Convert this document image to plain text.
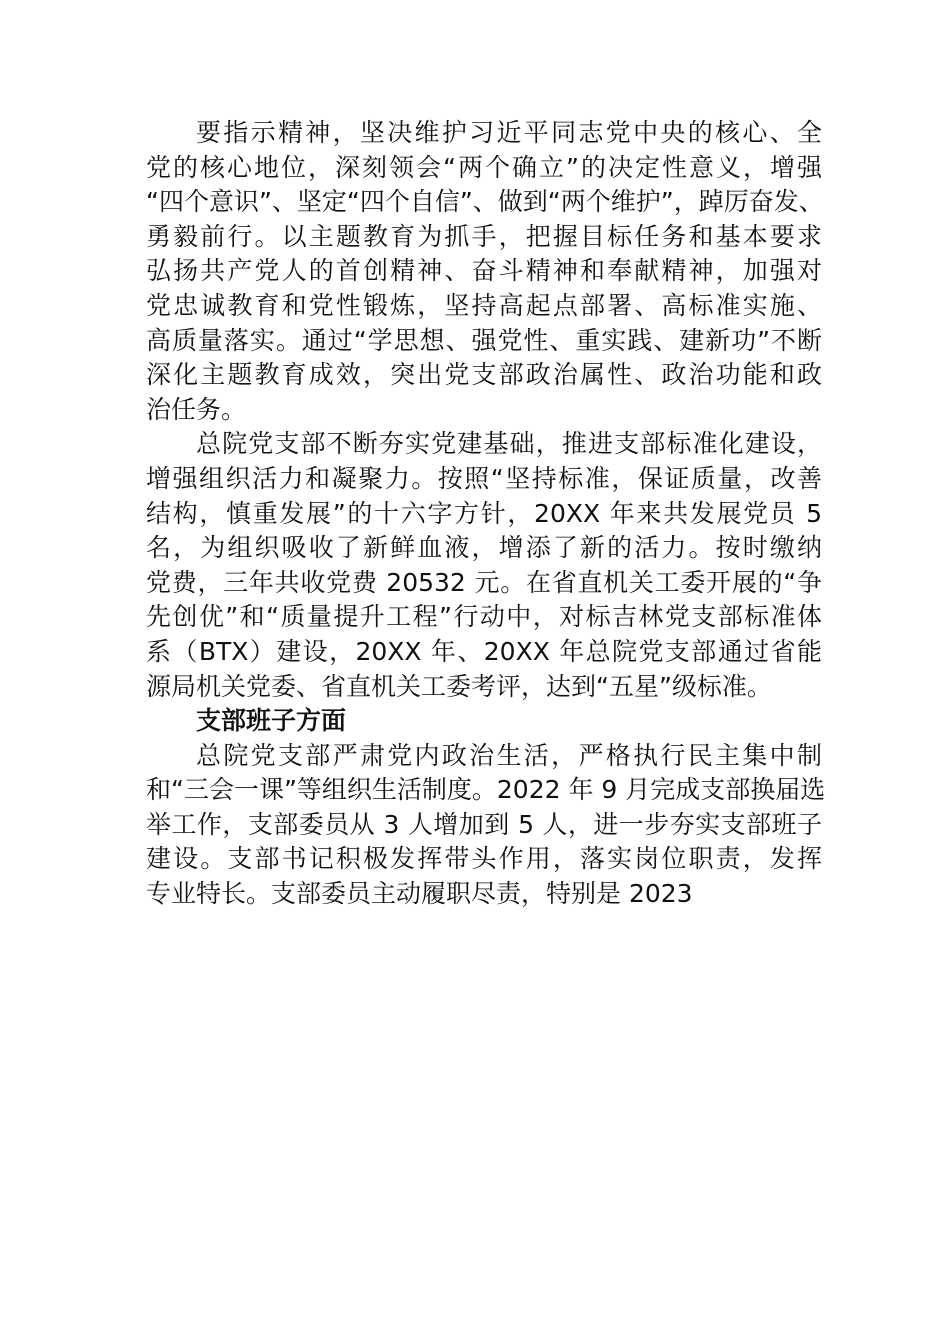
要指示精神，坚决维护习近平同志党中央的核心、全
党的核心地位，深刻领会“两个确立”的决定性意义，增强
“四个意识”、坚定“四个自信”、做到“两个维护”，踔厉奋发、
勇毅前行。以主题教育为抓手，把握目标任务和基本要求
弘扬共产党人的首创精神、奋斗精神和奉献精神，加强对
党忠诚教育和党性锻炼，坚持高起点部署、高标准实施、
高质量落实。通过“学思想、强党性、重实践、建新功”不断
深化主题教育成效，突出党支部政治属性、政治功能和政
治任务。
总院党支部不断夯实党建基础，推进支部标准化建设，
增强组织活力和凝聚力。按照“坚持标准，保证质量，改善
结构，慎重发展”的十六字方针，20XX 年来共发展党员 5
名，为组织吸收了新鲜血液，增添了新的活力。按时缴纳
党费，三年共收党费 20532 元。在省直机关工委开展的“争
先创优”和“质量提升工程”行动中，对标吉林党支部标准体
系（BTX）建设，20XX 年、20XX 年总院党支部通过省能
源局机关党委、省直机关工委考评，达到“五星”级标准。
支部班子方面
总院党支部严肃党内政治生活，严格执行民主集中制
和“三会一课”等组织生活制度。2022 年 9 月完成支部换届选
举工作，支部委员从 3 人增加到 5 人，进一步夯实支部班子
建设。支部书记积极发挥带头作用，落实岗位职责，发挥
专业特长。支部委员主动履职尽责，特别是 2023
